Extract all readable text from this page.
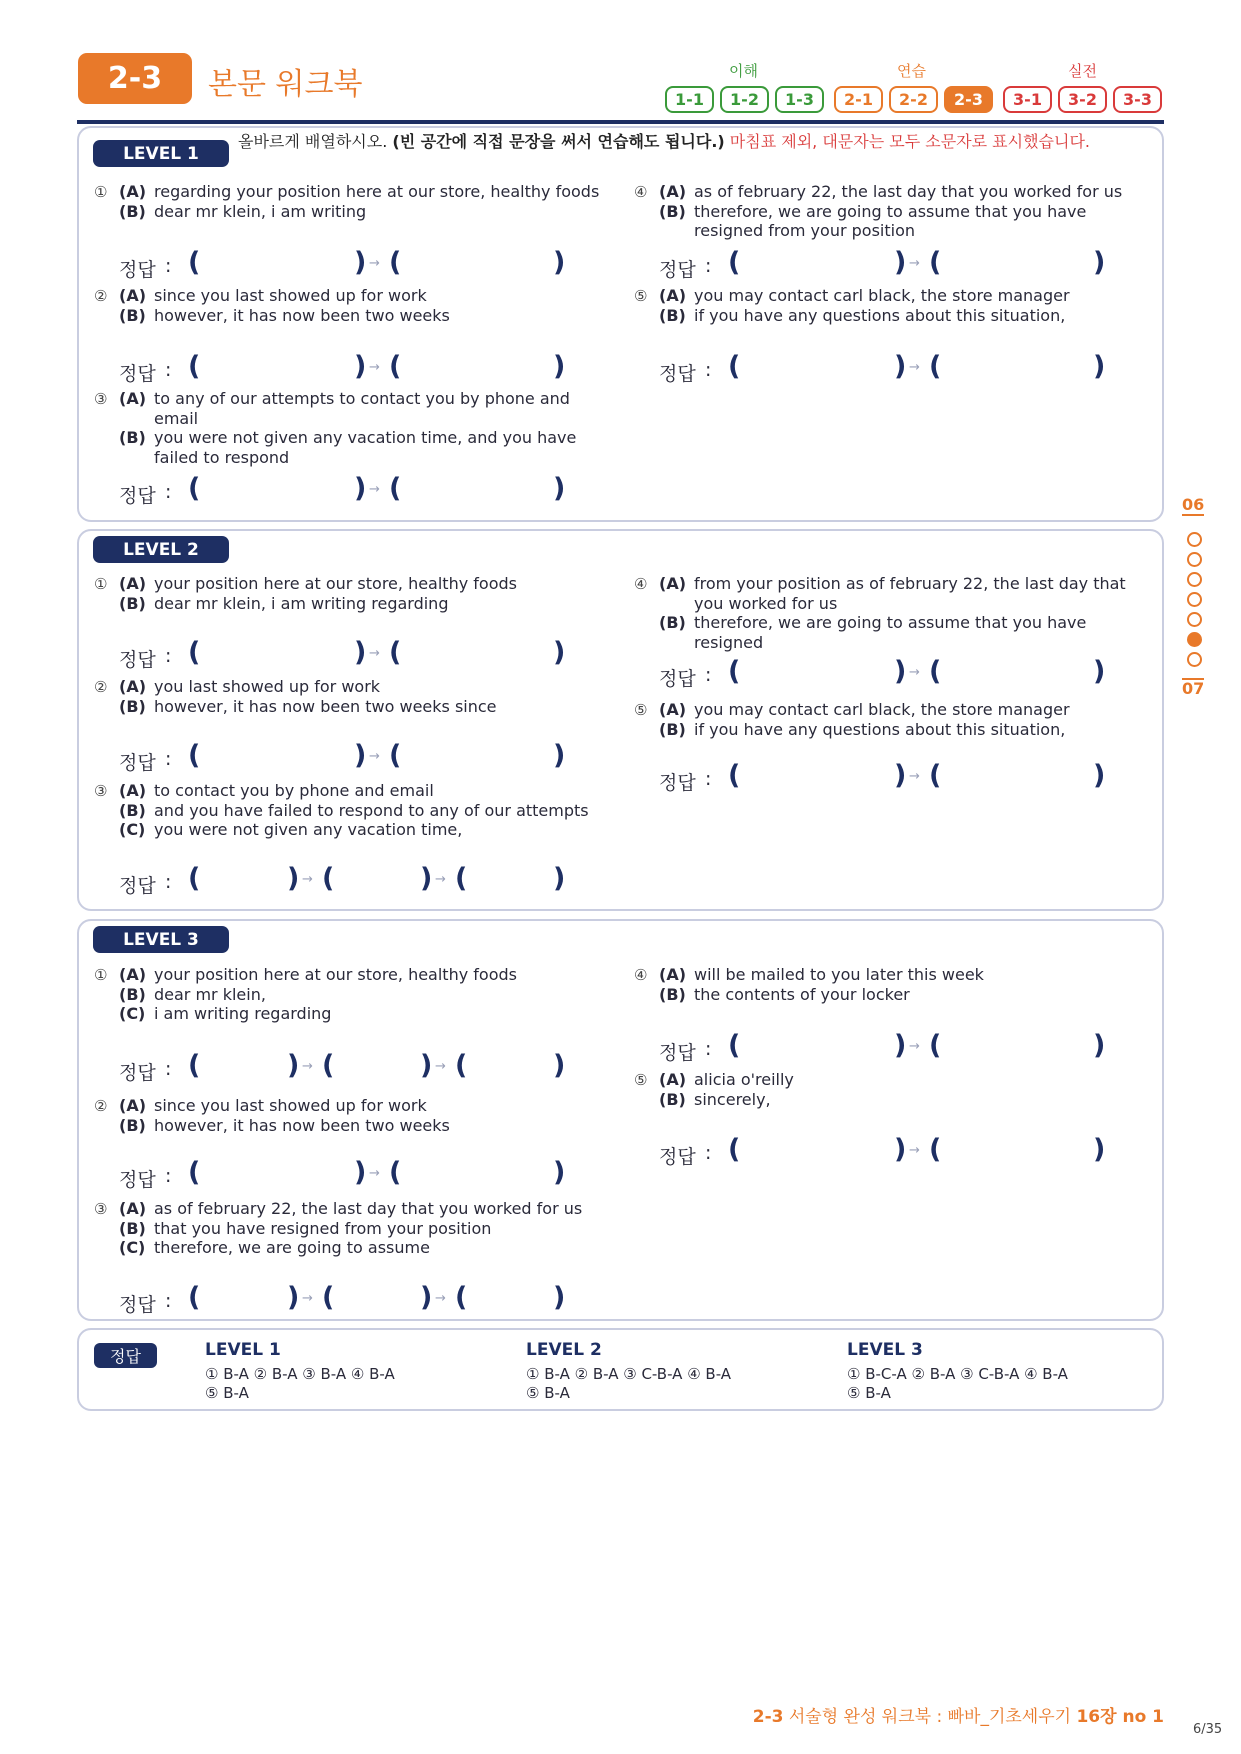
2-3	본문 워크북	이해	연습	실전
1-1	1-2	1-3	2-1	2-2	2-3	3-1	3-2	3-3
06
07
LEVEL 1
LEVEL 2
LEVEL 3
올바르게 배열하시오. (빈 공간에 직접 문장을 써서 연습해도 됩니다.) 마침표 제외, 대문자는 모두 소문자로 표시했습니다.
① (A) regarding your position here at our store, healthy foods
(B) dear mr klein, i am writing
정답 : (	) (	)
→
② (A) since you last showed up for work
(B) however, it has now been two weeks
정답 : (	) (	)
→
③ (A) to any of our attempts to contact you by phone and
email
(B) you were not given any vacation time, and you have
failed to respond
정답 : (	) (	)
→
④ (A) as of february 22, the last day that you worked for us
(B) therefore, we are going to assume that you have
resigned from your position
정답 : (	) (	)
→
⑤ (A) you may contact carl black, the store manager
(B) if you have any questions about this situation,
정답 : (	) (	)
→
① (A) your position here at our store, healthy foods
(B) dear mr klein, i am writing regarding
정답 : (	) (	)
→
② (A) you last showed up for work
(B) however, it has now been two weeks since
정답 : (	) (	)
→
③ (A) to contact you by phone and email
(B) and you have failed to respond to any of our attempts
(C) you were not given any vacation time,
정답 : (	) (	) (	)
→	→
④ (A) from your position as of february 22, the last day that
you worked for us
(B) therefore, we are going to assume that you have
resigned
정답 : (	) (	)
→
⑤ (A) you may contact carl black, the store manager
(B) if you have any questions about this situation,
정답 : (	) (	)
→
① (A) your position here at our store, healthy foods
(B) dear mr klein,
(C) i am writing regarding
정답 : (	) (	) (	)
→	→
② (A) since you last showed up for work
(B) however, it has now been two weeks
정답 : (	) (	)
→
③ (A) as of february 22, the last day that you worked for us
(B) that you have resigned from your position
(C) therefore, we are going to assume
정답 : (	) (	) (	)
→	→
④ (A) will be mailed to you later this week
(B) the contents of your locker
정답 : (	) (	)
→
⑤ (A) alicia o'reilly
(B) sincerely,
정답 : (	) (	)
→
정답	LEVEL 1
① B-A ② B-A ③ B-A ④ B-A
⑤ B-A
LEVEL 2
① B-A ② B-A ③ C-B-A ④ B-A
⑤ B-A
LEVEL 3
① B-C-A ② B-A ③ C-B-A ④ B-A
⑤ B-A
2-3 서술형 완성 워크북 : 빠바_기초세우기 16장 no 1
6/35
